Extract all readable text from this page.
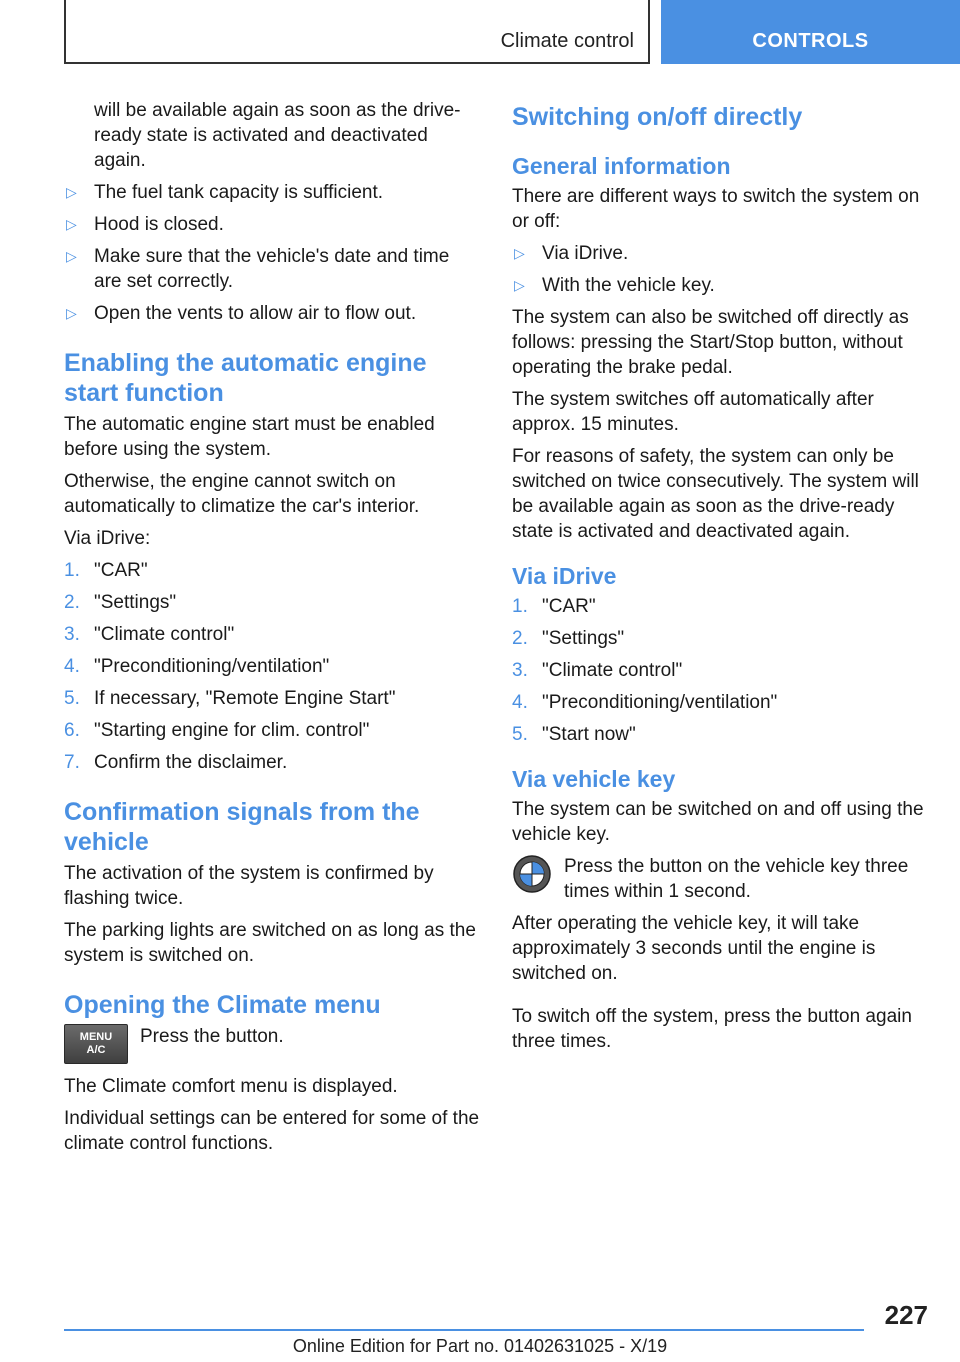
Climate control	CONTROLS

will be available again as soon as the drive-ready state is activated and deactivated again.

▷ The fuel tank capacity is sufficient.
▷ Hood is closed.
▷ Make sure that the vehicle's date and time are set correctly.
▷ Open the vents to allow air to flow out.
Enabling the automatic engine start function

The automatic engine start must be enabled before using the system.

Otherwise, the engine cannot switch on automatically to climatize the car's interior.

Via iDrive:

1. "CAR"
2. "Settings"
3. "Climate control"
4. "Preconditioning/ventilation"
5. If necessary, "Remote Engine Start"
6. "Starting engine for clim. control"
7. Confirm the disclaimer.
Confirmation signals from the vehicle

The activation of the system is confirmed by flashing twice.

The parking lights are switched on as long as the system is switched on.

Opening the Climate menu
MENU
A/C

Press the button.

The Climate comfort menu is displayed.

Individual settings can be entered for some of the climate control functions.

Switching on/off directly
General information

There are different ways to switch the system on or off:

▷ Via iDrive.
▷ With the vehicle key.

The system can also be switched off directly as follows: pressing the Start/Stop button, without operating the brake pedal.

The system switches off automatically after approx. 15 minutes.

For reasons of safety, the system can only be switched on twice consecutively. The system will be available again as soon as the drive-ready state is activated and deactivated again.

Via iDrive
1. "CAR"
2. "Settings"
3. "Climate control"
4. "Preconditioning/ventilation"
5. "Start now"
Via vehicle key

The system can be switched on and off using the vehicle key.

Press the button on the vehicle key three times within 1 second.

After operating the vehicle key, it will take approximately 3 seconds until the engine is switched on.

To switch off the system, press the button again three times.

227
Online Edition for Part no. 01402631025 - X/19
